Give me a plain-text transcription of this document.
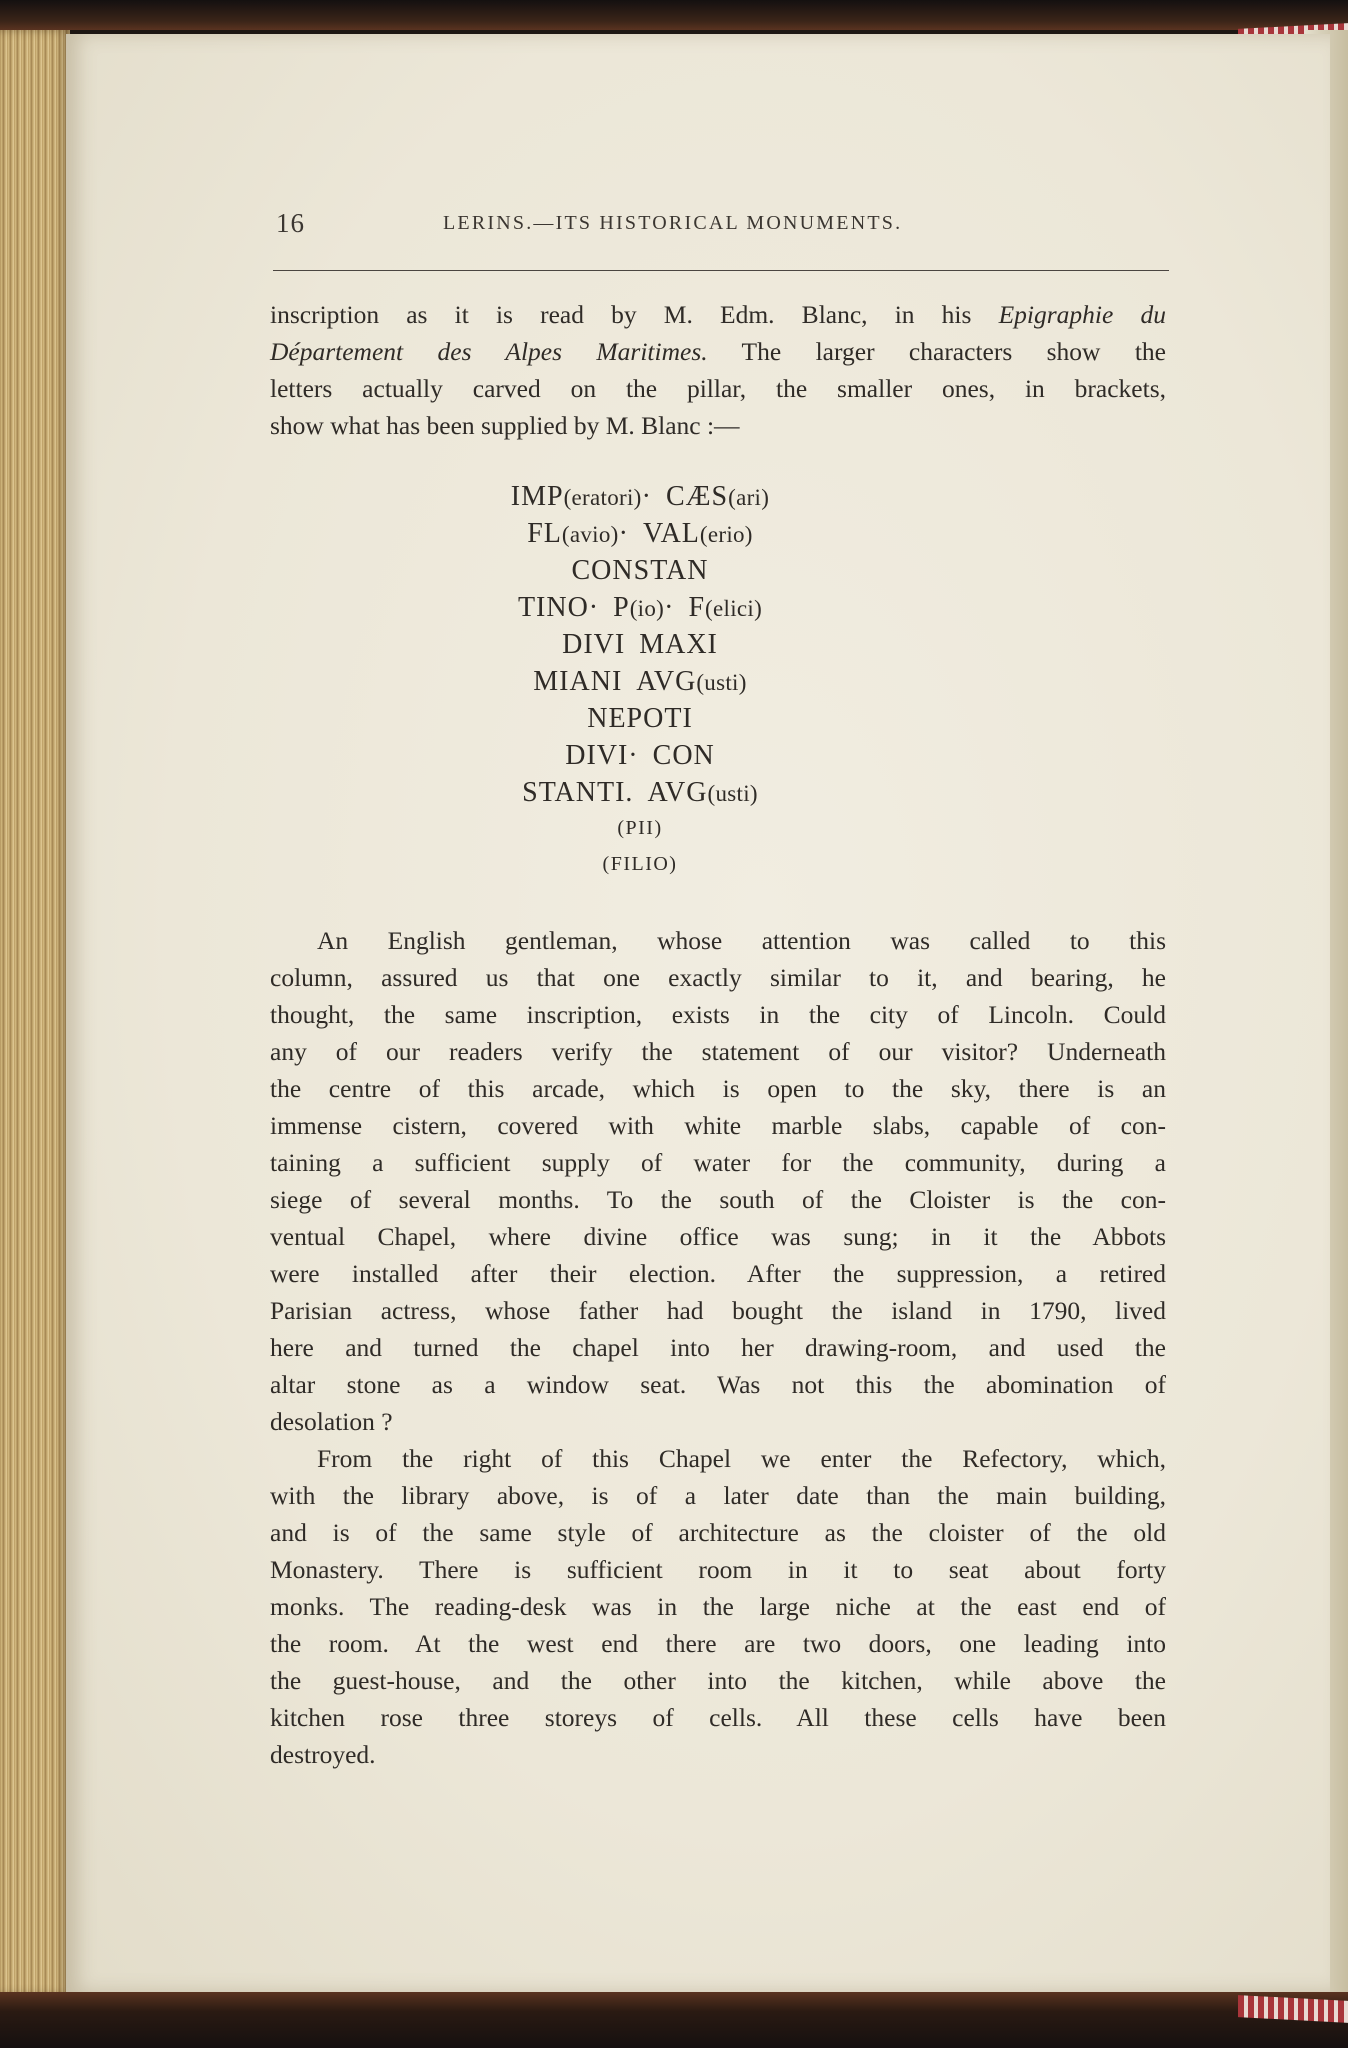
16	LERINS.—ITS HISTORICAL MONUMENTS.
inscription as it is read by M. Edm. Blanc, in his Epigraphie du
Département des Alpes Maritimes. The larger characters show the
letters actually carved on the pillar, the smaller ones, in brackets,
show what has been supplied by M. Blanc :—
IMP(eratori)· CÆS(ari)
FL(avio)· VAL(erio)
CONSTAN
TINO· P(io)· F(elici)
DIVI MAXI
MIANI AVG(usti)
NEPOTI
DIVI· CON
STANTI. AVG(usti)
(PII)
(FILIO)
An English gentleman, whose attention was called to this
column, assured us that one exactly similar to it, and bearing, he
thought, the same inscription, exists in the city of Lincoln. Could
any of our readers verify the statement of our visitor? Underneath
the centre of this arcade, which is open to the sky, there is an
immense cistern, covered with white marble slabs, capable of con-
taining a sufficient supply of water for the community, during a
siege of several months. To the south of the Cloister is the con-
ventual Chapel, where divine office was sung; in it the Abbots
were installed after their election. After the suppression, a retired
Parisian actress, whose father had bought the island in 1790, lived
here and turned the chapel into her drawing-room, and used the
altar stone as a window seat. Was not this the abomination of
desolation ?
From the right of this Chapel we enter the Refectory, which,
with the library above, is of a later date than the main building,
and is of the same style of architecture as the cloister of the old
Monastery. There is sufficient room in it to seat about forty
monks. The reading-desk was in the large niche at the east end of
the room. At the west end there are two doors, one leading into
the guest-house, and the other into the kitchen, while above the
kitchen rose three storeys of cells. All these cells have been
destroyed.
